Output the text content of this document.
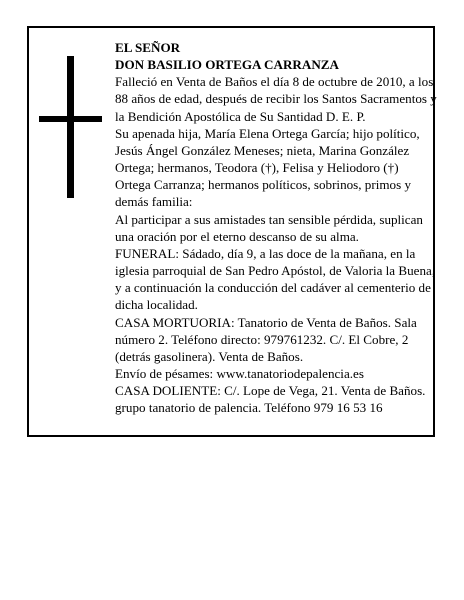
EL SEÑOR

DON BASILIO ORTEGA CARRANZA

Falleció en Venta de Baños el día 8 de octubre de 2010, a los 88 años de edad, después de recibir los Santos Sacramentos y la Bendición Apostólica de Su Santidad D. E. P.

Su apenada hija, María Elena Ortega García; hijo político, Jesús Ángel González Meneses; nieta, Marina González Ortega; hermanos, Teodora (†), Felisa y Heliodoro (†) Ortega Carranza; hermanos políticos, sobrinos, primos y demás familia:

Al participar a sus amistades tan sensible pérdida, suplican una oración por el eterno descanso de su alma.

FUNERAL: Sádado, día 9, a las doce de la mañana, en la iglesia parroquial de San Pedro Apóstol, de Valoria la Buena, y a continuación la conducción del cadáver al cementerio de dicha localidad.

CASA MORTUORIA: Tanatorio de Venta de Baños. Sala número 2. Teléfono directo: 979761232. C/. El Cobre, 2 (detrás gasolinera). Venta de Baños.

Envío de pésames: www.tanatoriodepalencia.es

CASA DOLIENTE: C/. Lope de Vega, 21. Venta de Baños.

grupo tanatorio de palencia. Teléfono 979 16 53 16
